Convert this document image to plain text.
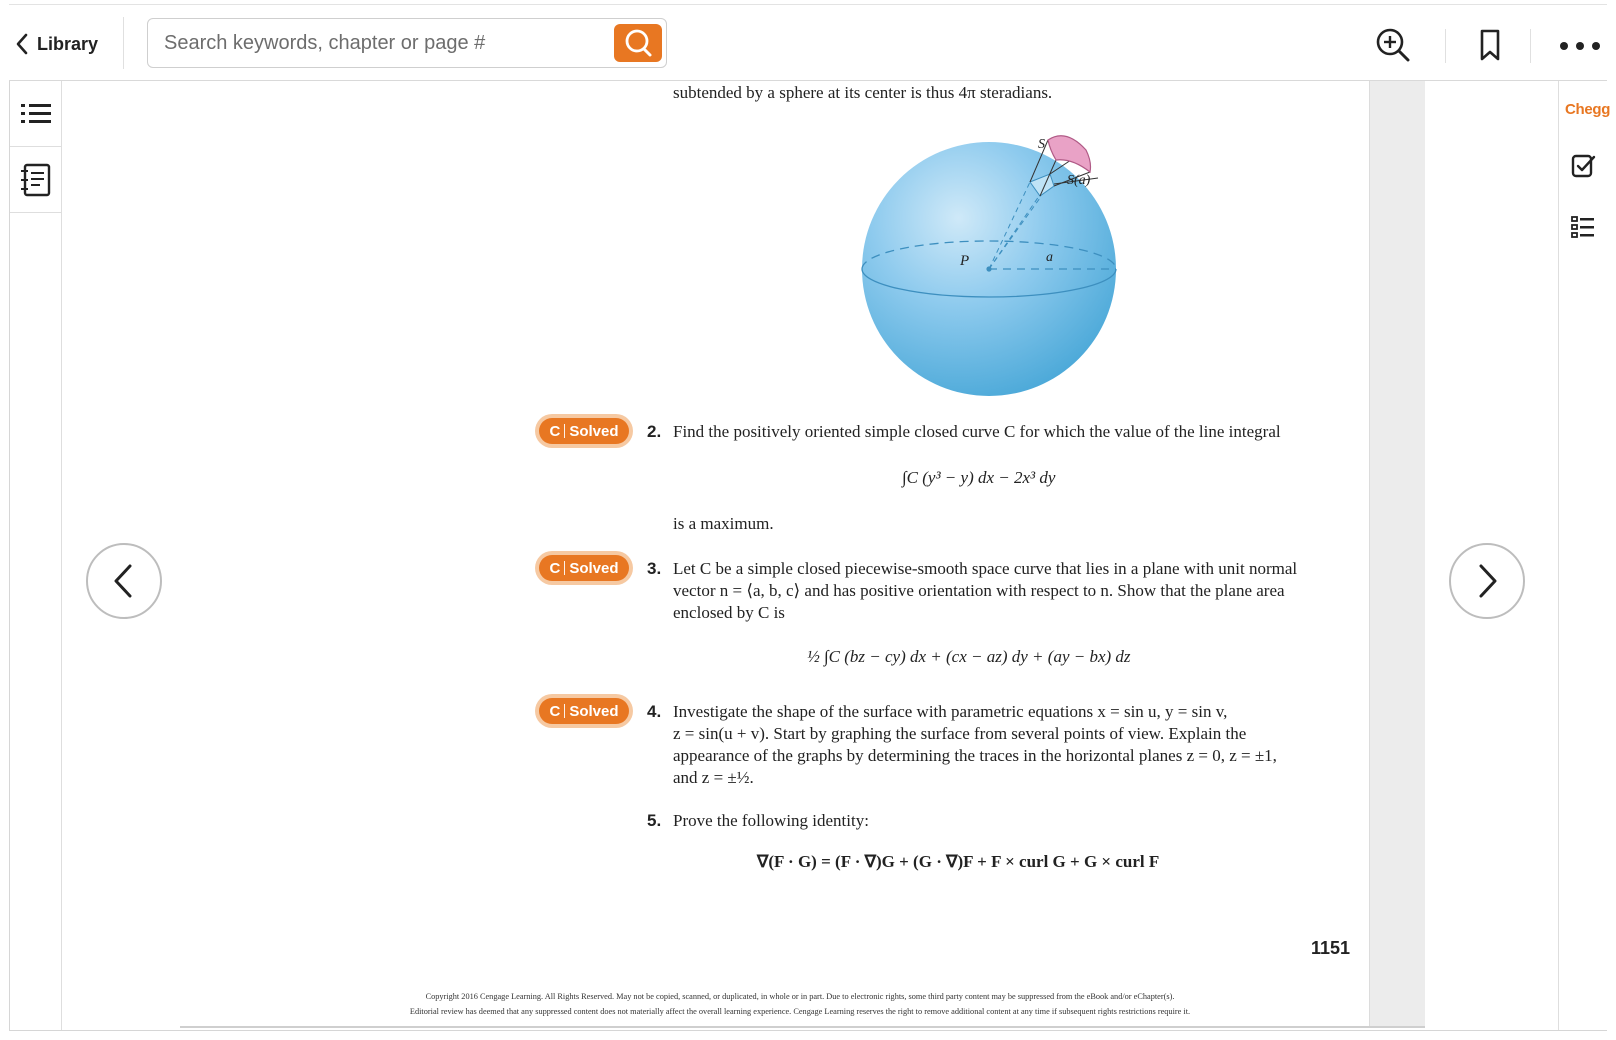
Library
Search keywords, chapter or page #
Chegg
subtended by a sphere at its center is thus 4π steradians.
S
S(a)
P	a
C Solved 2. Find the positively oriented simple closed curve C for which the value of the line integral
∫C (y³ − y) dx − 2x³ dy
is a maximum.
C Solved 3. Let C be a simple closed piecewise-smooth space curve that lies in a plane with unit normal
vector n = ⟨a, b, c⟩ and has positive orientation with respect to n. Show that the plane area
enclosed by C is
½ ∫C (bz − cy) dx + (cx − az) dy + (ay − bx) dz
C Solved 4. Investigate the shape of the surface with parametric equations x = sin u, y = sin v,
z = sin(u + v). Start by graphing the surface from several points of view. Explain the
appearance of the graphs by determining the traces in the horizontal planes z = 0, z = ±1,
and z = ±½.
5. Prove the following identity:
∇(F · G) = (F · ∇)G + (G · ∇)F + F × curl G + G × curl F
1151
Copyright 2016 Cengage Learning. All Rights Reserved. May not be copied, scanned, or duplicated, in whole or in part. Due to electronic rights, some third party content may be suppressed from the eBook and/or eChapter(s).
Editorial review has deemed that any suppressed content does not materially affect the overall learning experience. Cengage Learning reserves the right to remove additional content at any time if subsequent rights restrictions require it.
